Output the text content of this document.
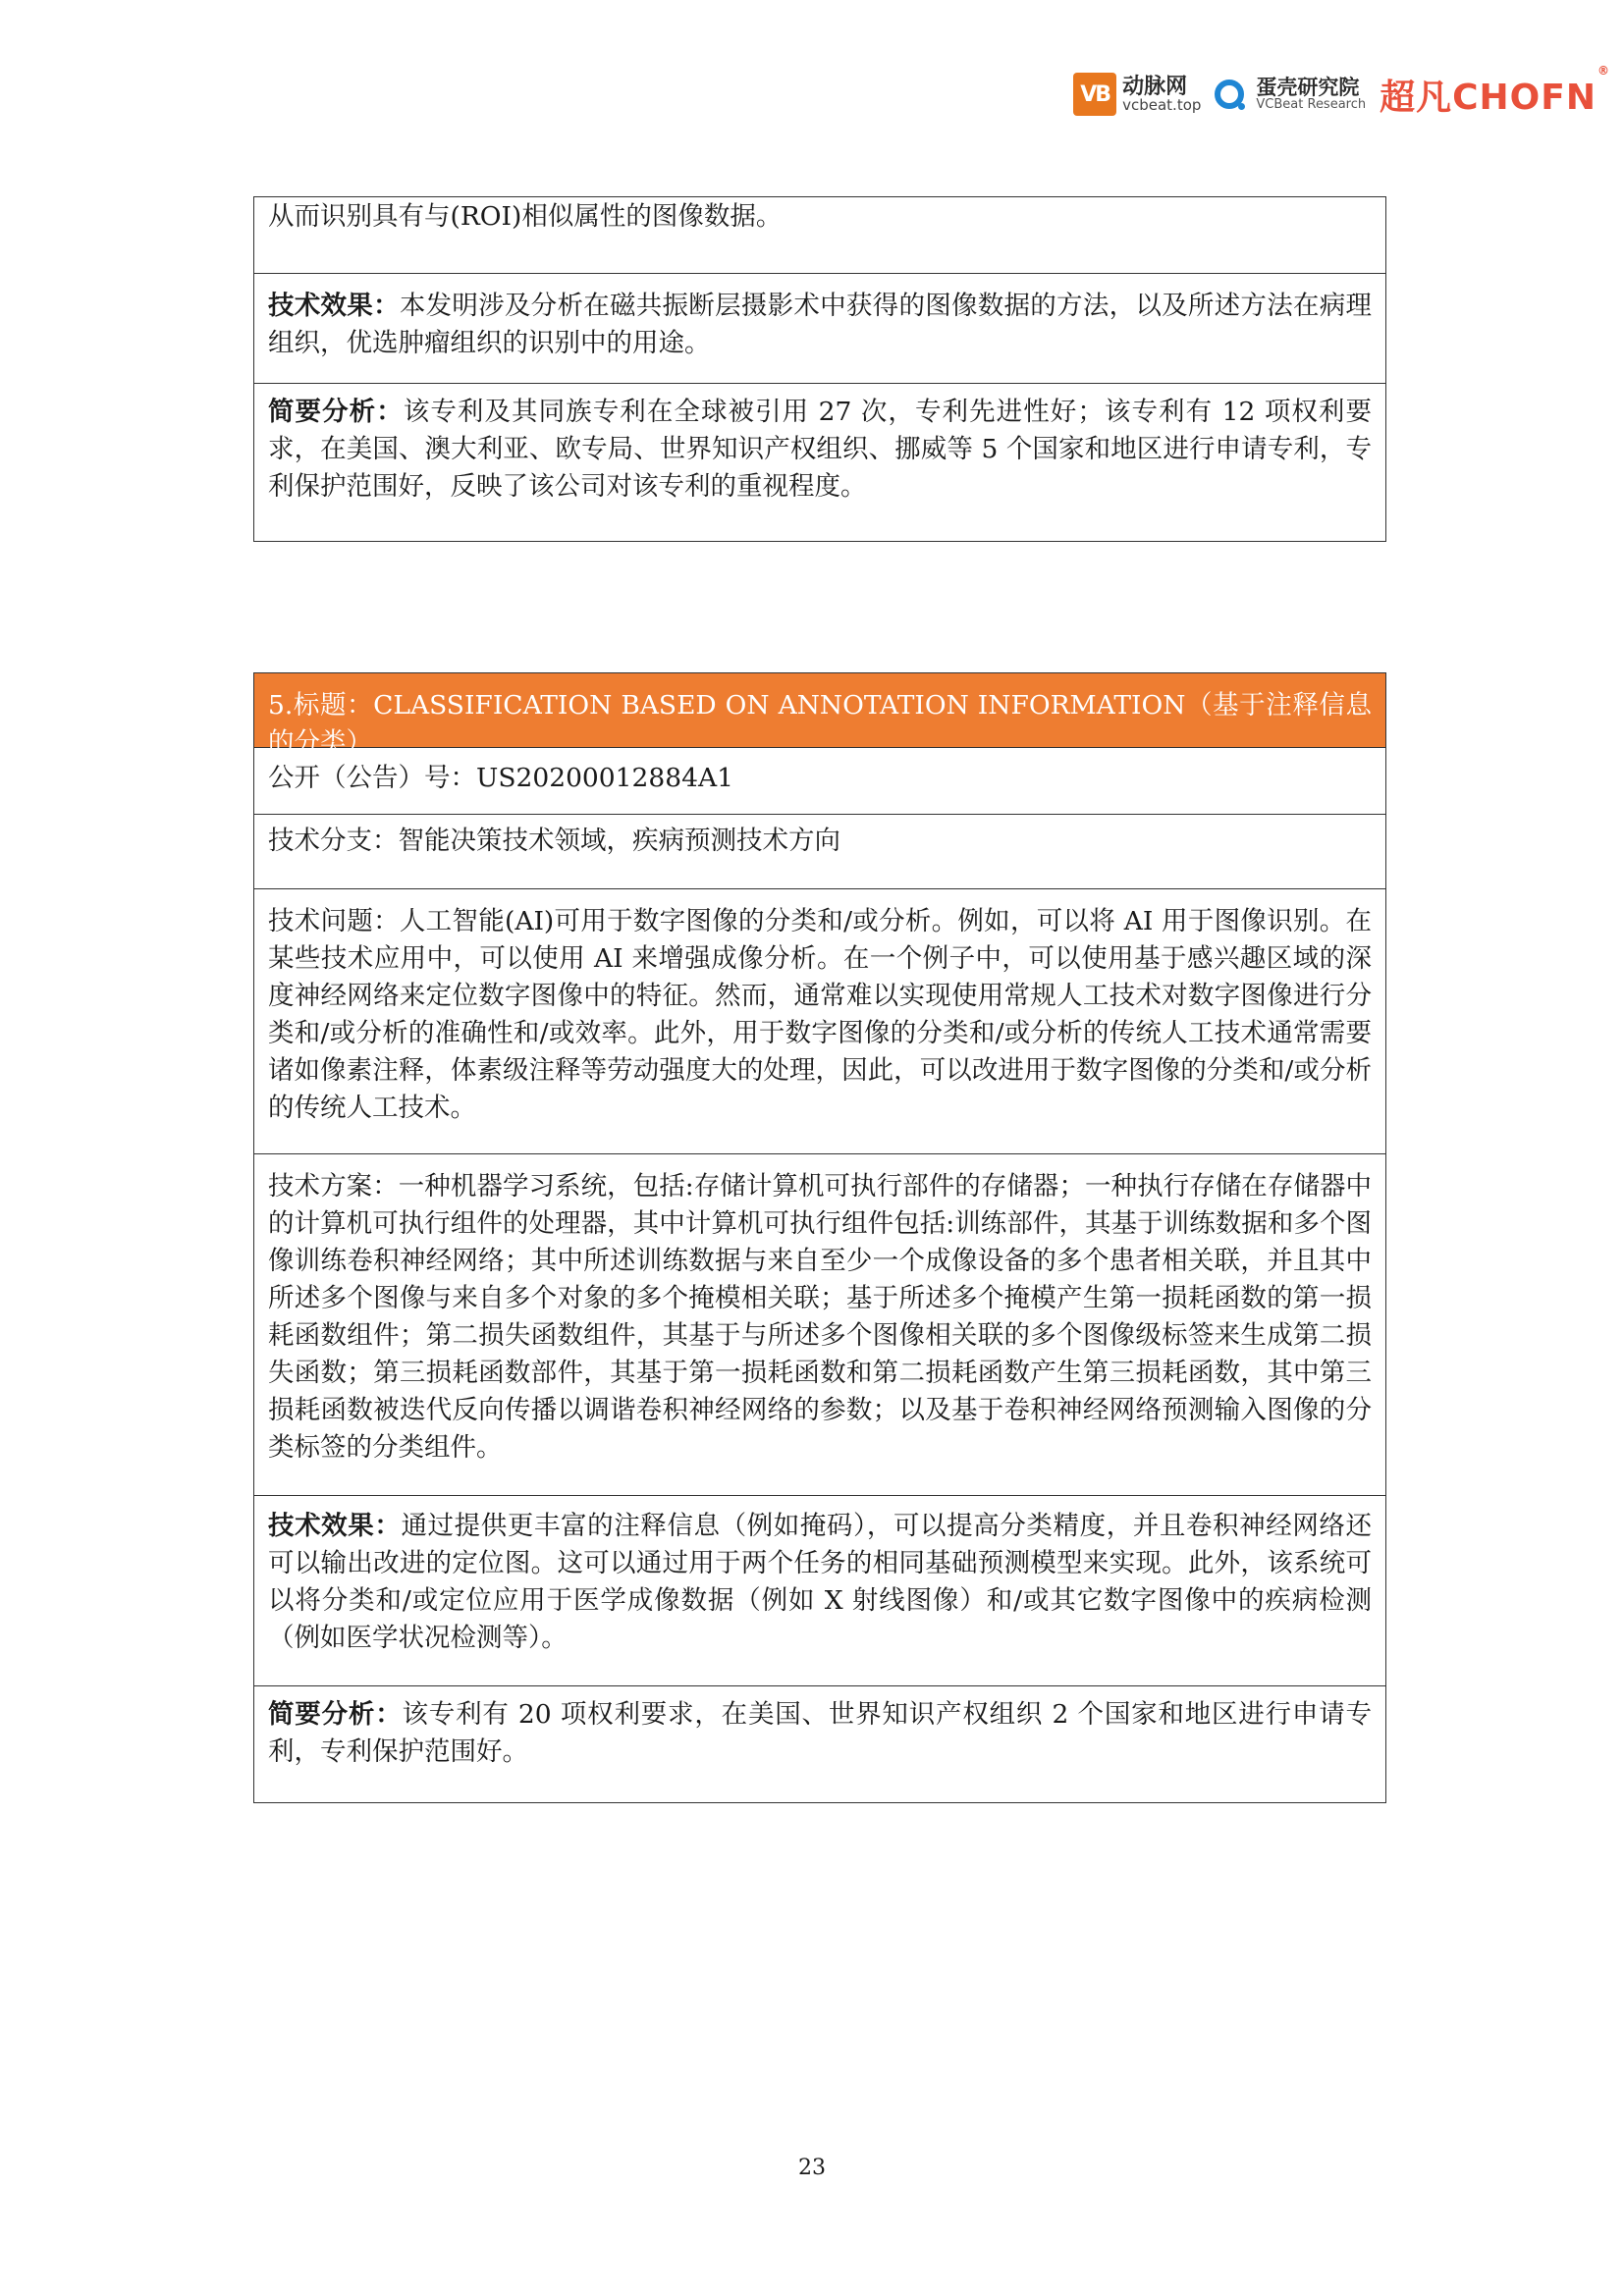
VB 动脉网
vcbeat.top
蛋壳研究院
VCBeat Research 超凡CHOFN
®
从而识别具有与(ROI)相似属性的图像数据。
技术效果：本发明涉及分析在磁共振断层摄影术中获得的图像数据的方法，以及所述方法在病理组织，优选肿瘤组织的识别中的用途。
简要分析：该专利及其同族专利在全球被引用 27 次，专利先进性好；该专利有 12 项权利要求，在美国、澳大利亚、欧专局、世界知识产权组织、挪威等 5 个国家和地区进行申请专利，专利保护范围好，反映了该公司对该专利的重视程度。
5.标题：CLASSIFICATION BASED ON ANNOTATION INFORMATION（基于注释信息的分类）
公开（公告）号：US20200012884A1
技术分支：智能决策技术领域，疾病预测技术方向
技术问题：人工智能(AI)可用于数字图像的分类和/或分析。例如，可以将 AI 用于图像识别。在某些技术应用中，可以使用 AI 来增强成像分析。在一个例子中，可以使用基于感兴趣区域的深度神经网络来定位数字图像中的特征。然而，通常难以实现使用常规人工技术对数字图像进行分类和/或分析的准确性和/或效率。此外，用于数字图像的分类和/或分析的传统人工技术通常需要诸如像素注释，体素级注释等劳动强度大的处理，因此，可以改进用于数字图像的分类和/或分析的传统人工技术。
技术方案：一种机器学习系统，包括:存储计算机可执行部件的存储器；一种执行存储在存储器中的计算机可执行组件的处理器，其中计算机可执行组件包括:训练部件，其基于训练数据和多个图像训练卷积神经网络；其中所述训练数据与来自至少一个成像设备的多个患者相关联，并且其中所述多个图像与来自多个对象的多个掩模相关联；基于所述多个掩模产生第一损耗函数的第一损耗函数组件；第二损失函数组件，其基于与所述多个图像相关联的多个图像级标签来生成第二损失函数；第三损耗函数部件，其基于第一损耗函数和第二损耗函数产生第三损耗函数，其中第三损耗函数被迭代反向传播以调谐卷积神经网络的参数；以及基于卷积神经网络预测输入图像的分类标签的分类组件。
技术效果：通过提供更丰富的注释信息（例如掩码），可以提高分类精度，并且卷积神经网络还可以输出改进的定位图。这可以通过用于两个任务的相同基础预测模型来实现。此外，该系统可以将分类和/或定位应用于医学成像数据（例如 X 射线图像）和/或其它数字图像中的疾病检测（例如医学状况检测等）。
简要分析：该专利有 20 项权利要求，在美国、世界知识产权组织 2 个国家和地区进行申请专利，专利保护范围好。
23
